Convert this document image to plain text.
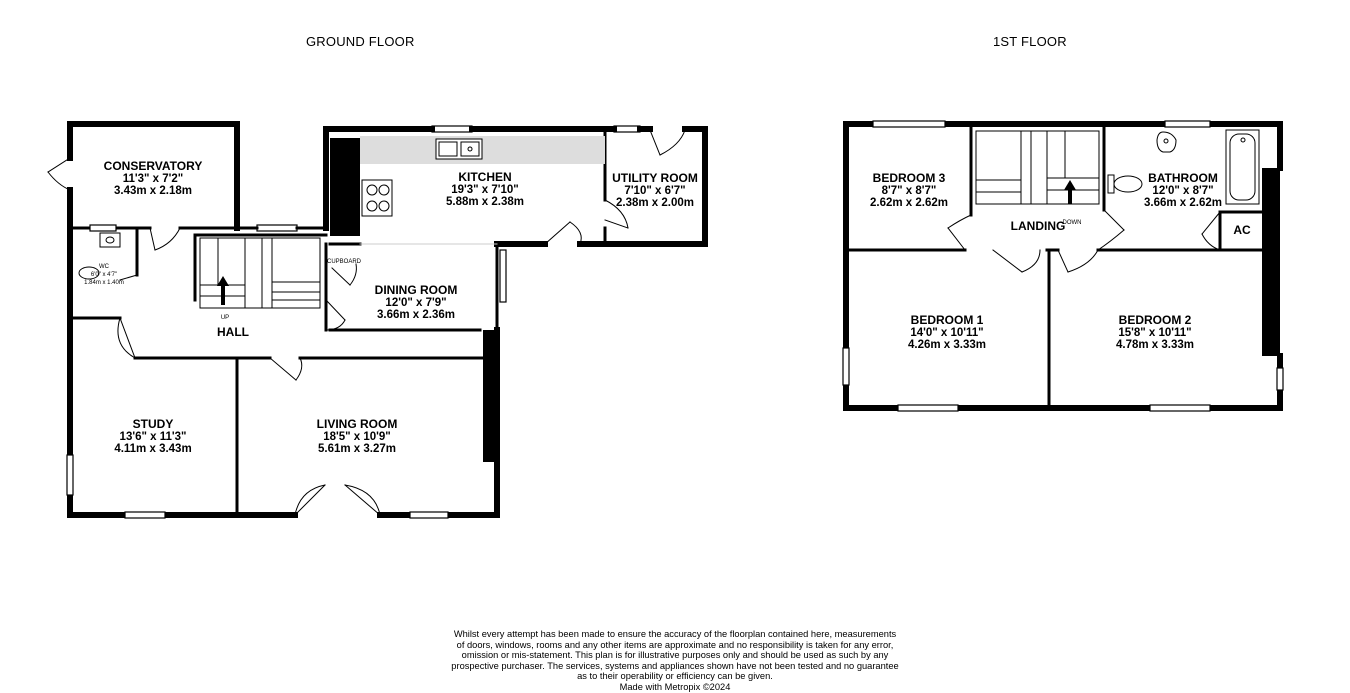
GROUND FLOOR	1ST FLOOR
CONSERVATORY
11'3" x 7'2"
3.43m x 2.18m
KITCHEN
19'3" x 7'10"
5.88m x 2.38m
UTILITY ROOM
7'10" x 6'7"
2.38m x 2.00m
WC
6'0" x 4'7"
1.84m x 1.40m
CUPBOARD
DINING ROOM
12'0" x 7'9"
3.66m x 2.36m
UP
HALL
STUDY
13'6" x 11'3"
4.11m x 3.43m
LIVING ROOM
18'5" x 10'9"
5.61m x 3.27m
BEDROOM 3
8'7" x 8'7"
2.62m x 2.62m
BATHROOM
12'0" x 8'7"
3.66m x 2.62m
LANDING
DOWN	AC
BEDROOM 1
14'0" x 10'11"
4.26m x 3.33m
BEDROOM 2
15'8" x 10'11"
4.78m x 3.33m
Whilst every attempt has been made to ensure the accuracy of the floorplan contained here, measurements
of doors, windows, rooms and any other items are approximate and no responsibility is taken for any error,
omission or mis-statement. This plan is for illustrative purposes only and should be used as such by any
prospective purchaser. The services, systems and appliances shown have not been tested and no guarantee
as to their operability or efficiency can be given.
Made with Metropix ©2024
